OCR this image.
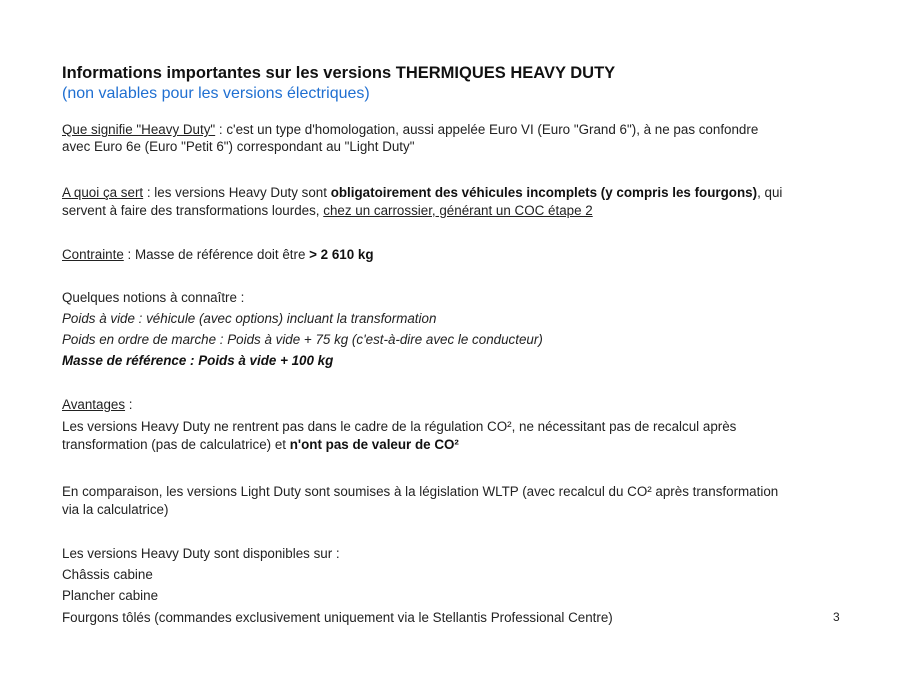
Informations importantes sur les versions THERMIQUES HEAVY DUTY
(non valables pour les versions électriques)
Que signifie "Heavy Duty" : c'est un type d'homologation, aussi appelée Euro VI (Euro "Grand 6"), à ne pas confondre
avec Euro 6e (Euro "Petit 6") correspondant au "Light Duty"
A quoi ça sert : les versions Heavy Duty sont obligatoirement des véhicules incomplets (y compris les fourgons), qui
servent à faire des transformations lourdes, chez un carrossier, générant un COC étape 2
Contrainte : Masse de référence doit être > 2 610 kg
Quelques notions à connaître :
Poids à vide : véhicule (avec options) incluant la transformation
Poids en ordre de marche : Poids à vide + 75 kg (c'est-à-dire avec le conducteur)
Masse de référence : Poids à vide + 100 kg
Avantages :
Les versions Heavy Duty ne rentrent pas dans le cadre de la régulation CO², ne nécessitant pas de recalcul après
transformation (pas de calculatrice) et n'ont pas de valeur de CO²
En comparaison, les versions Light Duty sont soumises à la législation WLTP (avec recalcul du CO² après transformation
via la calculatrice)
Les versions Heavy Duty sont disponibles sur :
Châssis cabine
Plancher cabine
Fourgons tôlés (commandes exclusivement uniquement via le Stellantis Professional Centre)	3
